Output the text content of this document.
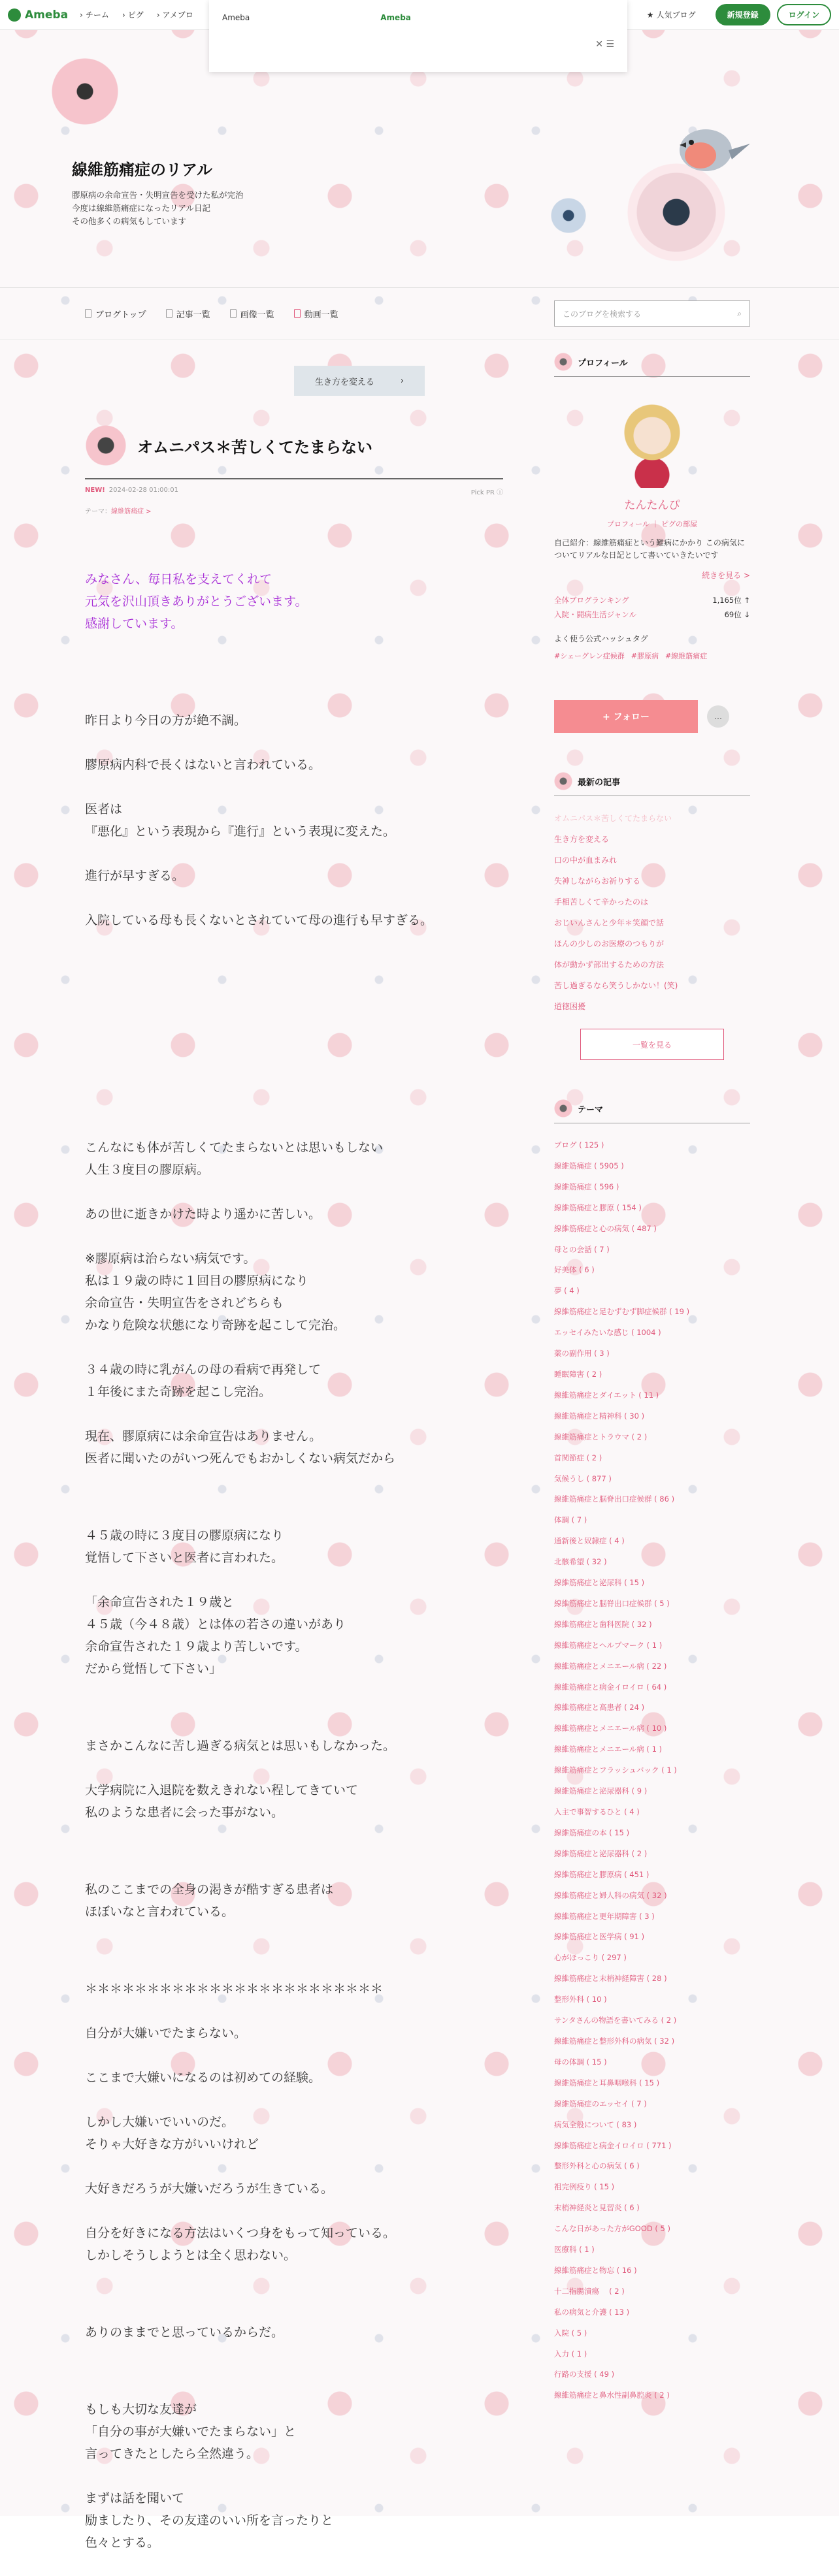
Ameba › チーム › ピグ › アメブロ	★ 人気ブログ	新規登録	ログイン
Ameba	Ameba
✕ ☰
線維筋痛症のリアル
膠原病の余命宣告・失明宣告を受けた私が完治
今度は線維筋痛症になったリアル日記
その他多くの病気もしています
ブログトップ	記事一覧	画像一覧	動画一覧	このブログを検索する	⌕
生き方を変える	›
オムニパス＊苦しくてたまらない
NEW! 2024-02-28 01:00:01	Pick PR ⓘ
テーマ：線維筋痛症 >

みなさん、毎日私を支えてくれて
元気を沢山頂きありがとうございます。
感謝しています。

昨日より今日の方が絶不調。

膠原病内科で長くはないと言われている。

医者は
『悪化』という表現から『進行』という表現に変えた。

進行が早すぎる。

入院している母も長くないとされていて母の進行も早すぎる。

こんなにも体が苦しくてたまらないとは思いもしない
人生３度目の膠原病。

あの世に逝きかけた時より遥かに苦しい。

※膠原病は治らない病気です。
私は１９歳の時に１回目の膠原病になり
余命宣告・失明宣告をされどちらも
かなり危険な状態になり奇跡を起こして完治。

３４歳の時に乳がんの母の看病で再発して
１年後にまた奇跡を起こし完治。

現在、膠原病には余命宣告はありません。
医者に聞いたのがいつ死んでもおかしくない病気だから

４５歳の時に３度目の膠原病になり
覚悟して下さいと医者に言われた。

「余命宣告された１９歳と
４５歳（今４８歳）とは体の若さの違いがあり
余命宣告された１９歳より苦しいです。
だから覚悟して下さい」

まさかこんなに苦し過ぎる病気とは思いもしなかった。

大学病院に入退院を数えきれない程してきていて
私のような患者に会った事がない。

私のここまでの全身の渇きが酷すぎる患者は
ほぼいなと言われている。

＊＊＊＊＊＊＊＊＊＊＊＊＊＊＊＊＊＊＊＊＊＊＊＊

自分が大嫌いでたまらない。

ここまで大嫌いになるのは初めての経験。

しかし大嫌いでいいのだ。
そりゃ大好きな方がいいけれど

大好きだろうが大嫌いだろうが生きている。

自分を好きになる方法はいくつ身をもって知っている。
しかしそうしようとは全く思わない。

ありのままでと思っているからだ。

もしも大切な友達が
「自分の事が大嫌いでたまらない」と
言ってきたとしたら全然違う。

まずは話を聞いて
励ましたり、その友達のいい所を言ったりと
色々とする。

プロフィール
たんたんぴ
プロフィール ｜ ピグの部屋
自己紹介：線維筋痛症という難病にかかり この病気についてリアルな日記として書いていきたいです
続きを見る >
全体ブログランキング	1,165位 ↑
入院・闘病生活ジャンル	69位 ↓
よく使う公式ハッシュタグ
#シェーグレン症候群 #膠原病 #線維筋痛症
+ フォロー	…
最新の記事
オムニパス＊苦しくてたまらない
生き方を変える
口の中が血まみれ
失神しながらお祈りする
手相苦しくて辛かったのは
おじいんさんと少年＊笑顔で話
ほんの少しのお医療のつもりが
体が動かず部出するための方法
苦し過ぎるなら笑うしかない！(笑)
道徳困擾
一覧を見る
テーマ
ブログ ( 125 )
線維筋痛症 ( 5905 )
線維筋痛症 ( 596 )
線維筋痛症と膠原 ( 154 )
線維筋痛症と心の病気 ( 487 )
母との会話 ( 7 )
好美体 ( 6 )
夢 ( 4 )
線維筋痛症と足むずむず脚症候群 ( 19 )
エッセイみたいな感じ ( 1004 )
薬の副作用 ( 3 )
睡眠障害 ( 2 )
線維筋痛症とダイエット ( 11 )
線維筋痛症と精神科 ( 30 )
線維筋痛症とトラウマ ( 2 )
首関節症 ( 2 )
気候うし ( 877 )
線維筋痛症と脳脊出口症候群 ( 86 )
体調 ( 7 )
通新後と奴隷症 ( 4 )
北骸希望 ( 32 )
線維筋痛症と泌尿科 ( 15 )
線維筋痛症と脳脊出口症候群 ( 5 )
線維筋痛症と歯科医院 ( 32 )
線維筋痛症とヘルプマーク ( 1 )
線維筋痛症とメニエール病 ( 22 )
線維筋痛症と病金イロイロ ( 64 )
線維筋痛症と高患者 ( 24 )
線維筋痛症とメニエール病 ( 10 )
線維筋痛症とメニエール病 ( 1 )
線維筋痛症とフラッシュバック ( 1 )
線維筋痛症と泌尿器科 ( 9 )
入主で事智するひと ( 4 )
線維筋痛症の本 ( 15 )
線維筋痛症と泌尿器科 ( 2 )
線維筋痛症と膠原病 ( 451 )
線維筋痛症と婦人科の病気 ( 32 )
線維筋痛症と更年期障害 ( 3 )
線維筋痛症と医学病 ( 91 )
心がほっこり ( 297 )
線維筋痛症と末梢神経障害 ( 28 )
整形外科 ( 10 )
サンタさんの物語を書いてみる ( 2 )
線維筋痛症と整形外科の病気 ( 32 )
母の体調 ( 15 )
線維筋痛症と耳鼻咽喉科 ( 15 )
線維筋痛症のエッセイ ( 7 )
病気全般について ( 83 )
線維筋痛症と病金イロイロ ( 771 )
整形外科と心の病気 ( 6 )
祖完例疫り ( 15 )
末梢神経炎と見習炎 ( 6 )
こんな日があった方がGOOD ( 5 )
医療科 ( 1 )
線維筋痛症と物忘 ( 16 )
十二指腸潰瘍 　( 2 )
私の病気と介護 ( 13 )
入院 ( 5 )
入力 ( 1 )
行路の支援 ( 49 )
線維筋痛症と鼻水性副鼻腔炎 ( 2 )
